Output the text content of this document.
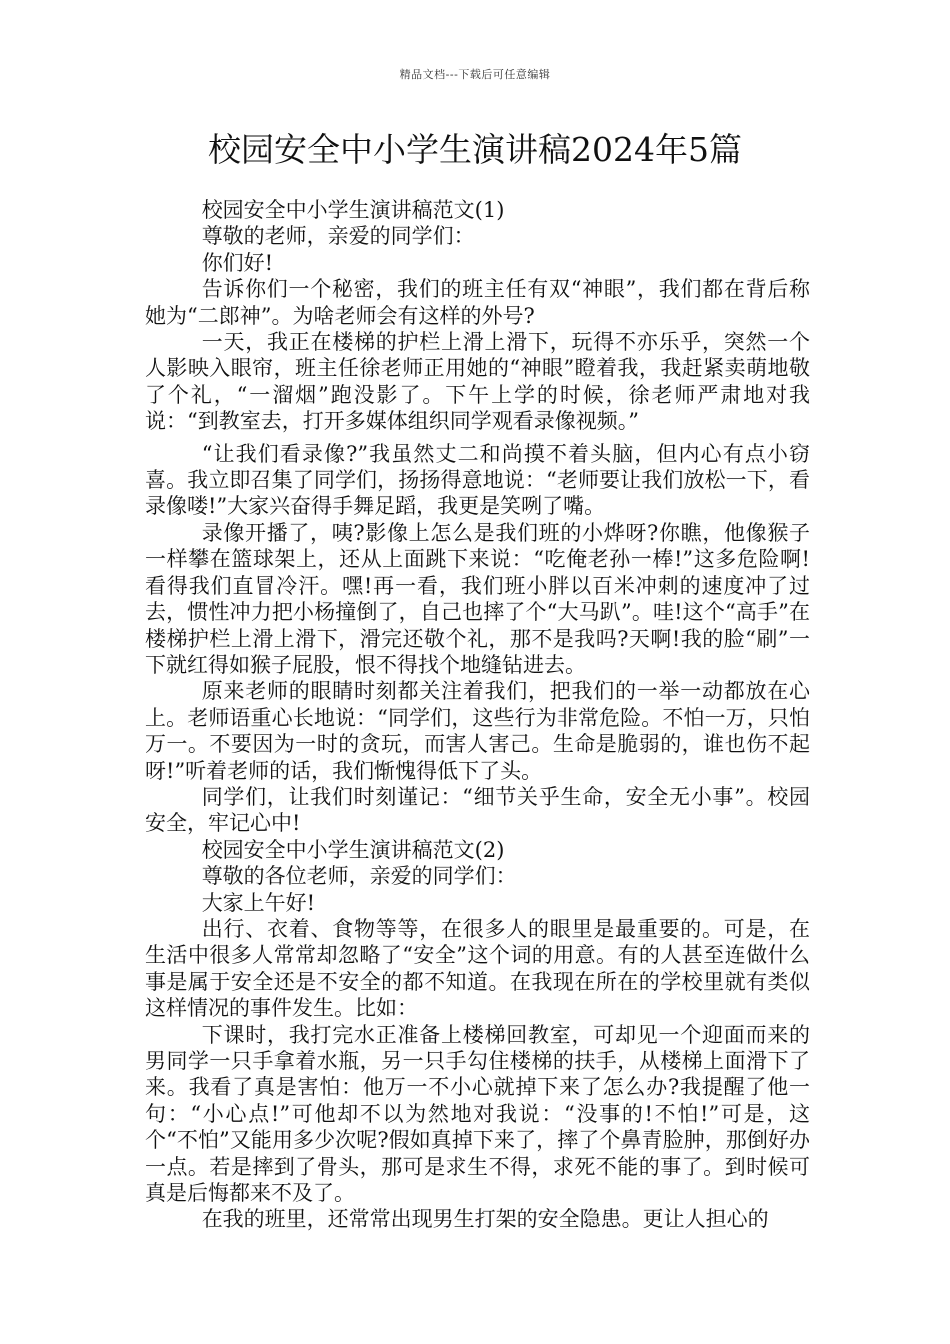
精品文档---下载后可任意编辑
校园安全中小学生演讲稿2024年5篇

校园安全中小学生演讲稿范文(1)

尊敬的老师，亲爱的同学们：

你们好!

告诉你们一个秘密，我们的班主任有双“神眼”，我们都在背后称她为“二郎神”。为啥老师会有这样的外号?

一天，我正在楼梯的护栏上滑上滑下，玩得不亦乐乎，突然一个人影映入眼帘，班主任徐老师正用她的“神眼”瞪着我，我赶紧卖萌地敬了个礼，“一溜烟”跑没影了。下午上学的时候，徐老师严肃地对我说：“到教室去，打开多媒体组织同学观看录像视频。”

“让我们看录像?”我虽然丈二和尚摸不着头脑，但内心有点小窃喜。我立即召集了同学们，扬扬得意地说：“老师要让我们放松一下，看录像喽!”大家兴奋得手舞足蹈，我更是笑咧了嘴。

录像开播了，咦?影像上怎么是我们班的小烨呀?你瞧，他像猴子一样攀在篮球架上，还从上面跳下来说：“吃俺老孙一棒!”这多危险啊!看得我们直冒冷汗。嘿!再一看，我们班小胖以百米冲刺的速度冲了过去，惯性冲力把小杨撞倒了，自己也摔了个“大马趴”。哇!这个“高手”在楼梯护栏上滑上滑下，滑完还敬个礼，那不是我吗?天啊!我的脸“刷”一下就红得如猴子屁股，恨不得找个地缝钻进去。

原来老师的眼睛时刻都关注着我们，把我们的一举一动都放在心上。老师语重心长地说：“同学们，这些行为非常危险。不怕一万，只怕万一。不要因为一时的贪玩，而害人害己。生命是脆弱的，谁也伤不起呀!”听着老师的话，我们惭愧得低下了头。

同学们，让我们时刻谨记：“细节关乎生命，安全无小事”。校园安全，牢记心中!

校园安全中小学生演讲稿范文(2)

尊敬的各位老师，亲爱的同学们：

大家上午好!

出行、衣着、食物等等，在很多人的眼里是最重要的。可是，在生活中很多人常常却忽略了“安全”这个词的用意。有的人甚至连做什么事是属于安全还是不安全的都不知道。在我现在所在的学校里就有类似这样情况的事件发生。比如：

下课时，我打完水正准备上楼梯回教室，可却见一个迎面而来的男同学一只手拿着水瓶，另一只手勾住楼梯的扶手，从楼梯上面滑下了来。我看了真是害怕：他万一不小心就掉下来了怎么办?我提醒了他一句：“小心点!”可他却不以为然地对我说：“没事的!不怕!”可是，这个“不怕”又能用多少次呢?假如真掉下来了，摔了个鼻青脸肿，那倒好办一点。若是摔到了骨头，那可是求生不得，求死不能的事了。到时候可真是后悔都来不及了。

在我的班里，还常常出现男生打架的安全隐患。更让人担心的
